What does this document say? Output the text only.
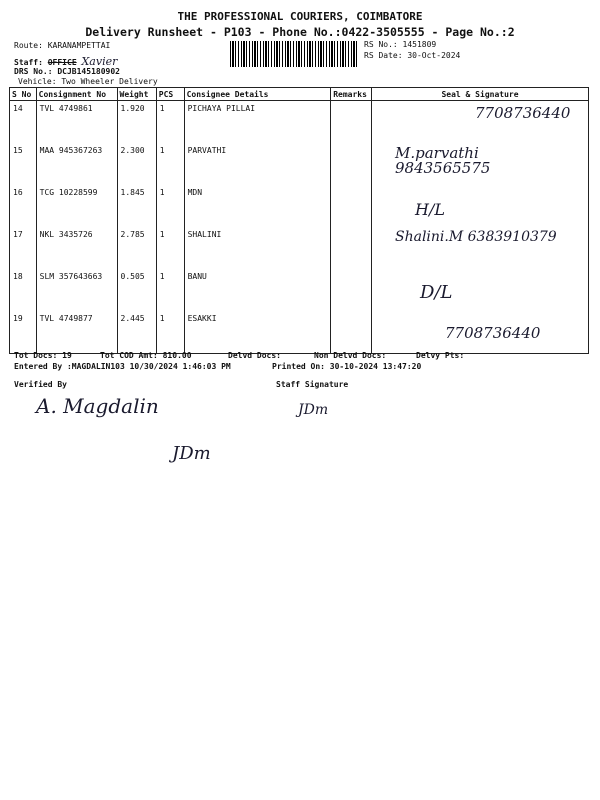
THE PROFESSIONAL COURIERS, COIMBATORE
Delivery Runsheet - P103 - Phone No.:0422-3505555 - Page No.:2
Route: KARANAMPETTAI
Staff: OFFICE Xavier
DRS No.: DCJB145180902
Vehicle: Two Wheeler Delivery
RS No.: 1451809
RS Date: 30-Oct-2024
S No	Consignment No	Weight	PCS	Consignee Details	Remarks	Seal & Signature
14	TVL 4749861	1.920	1	PICHAYA PILLAI		7708736440
15	MAA 945367263	2.300	1	PARVATHI		M.parvathi 9843565575
16	TCG 10228599	1.845	1	MDN		H/L
17	NKL 3435726	2.785	1	SHALINI		Shalini.M 6383910379
18	SLM 357643663	0.505	1	BANU		D/L
19	TVL 4749877	2.445	1	ESAKKI		7708736440
Tot Docs: 19	Tot COD Amt: 810.00	Delvd Docs:	Non Delvd Docs:	Delvy Pts:
Entered By :MAGDALIN103 10/30/2024 1:46:03 PM	Printed On: 30-10-2024 13:47:20
Verified By	Staff Signature
A. Magdalin	JDm
JDm
